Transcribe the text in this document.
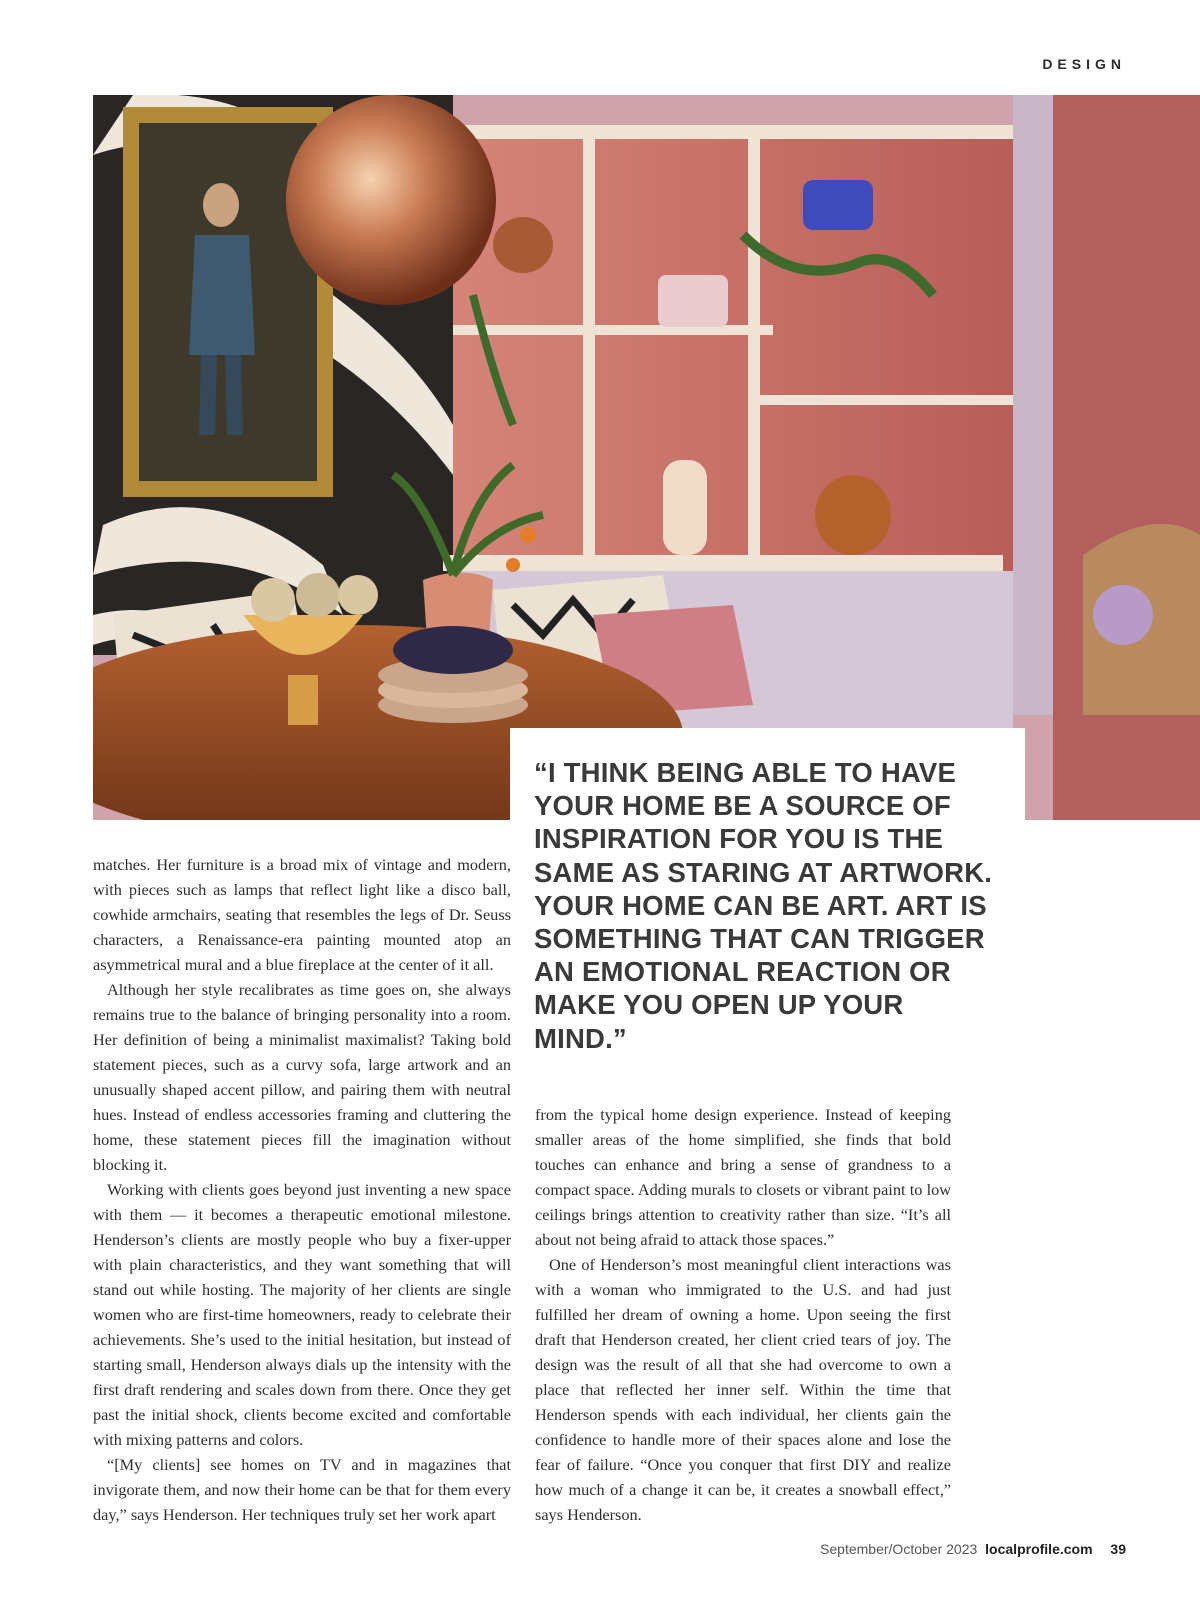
DESIGN

“I THINK BEING ABLE TO HAVE YOUR HOME BE A SOURCE OF INSPIRATION FOR YOU IS THE SAME AS STARING AT ARTWORK. YOUR HOME CAN BE ART. ART IS SOMETHING THAT CAN TRIGGER AN EMOTIONAL REACTION OR MAKE YOU OPEN UP YOUR MIND.”

matches. Her furniture is a broad mix of vintage and modern, with pieces such as lamps that reflect light like a disco ball, cowhide armchairs, seating that resembles the legs of Dr. Seuss characters, a Renaissance-era painting mounted atop an asymmetrical mural and a blue fireplace at the center of it all.

Although her style recalibrates as time goes on, she always remains true to the balance of bringing personality into a room. Her definition of being a minimalist maximalist? Taking bold statement pieces, such as a curvy sofa, large artwork and an unusually shaped accent pillow, and pairing them with neutral hues. Instead of endless accessories framing and cluttering the home, these statement pieces fill the imagination without blocking it.

Working with clients goes beyond just inventing a new space with them — it becomes a therapeutic emotional milestone. Henderson’s clients are mostly people who buy a fixer-upper with plain characteristics, and they want something that will stand out while hosting. The majority of her clients are single women who are first-time homeowners, ready to celebrate their achievements. She’s used to the initial hesitation, but instead of starting small, Henderson always dials up the intensity with the first draft rendering and scales down from there. Once they get past the initial shock, clients become excited and comfortable with mixing patterns and colors.

“[My clients] see homes on TV and in magazines that invigorate them, and now their home can be that for them every day,” says Henderson. Her techniques truly set her work apart

from the typical home design experience. Instead of keeping smaller areas of the home simplified, she finds that bold touches can enhance and bring a sense of grandness to a compact space. Adding murals to closets or vibrant paint to low ceilings brings attention to creativity rather than size. “It’s all about not being afraid to attack those spaces.”

One of Henderson’s most meaningful client interactions was with a woman who immigrated to the U.S. and had just fulfilled her dream of owning a home. Upon seeing the first draft that Henderson created, her client cried tears of joy. The design was the result of all that she had overcome to own a place that reflected her inner self. Within the time that Henderson spends with each individual, her clients gain the confidence to handle more of their spaces alone and lose the fear of failure. “Once you conquer that first DIY and realize how much of a change it can be, it creates a snowball effect,” says Henderson.

September/October 2023 localprofile.com 39
